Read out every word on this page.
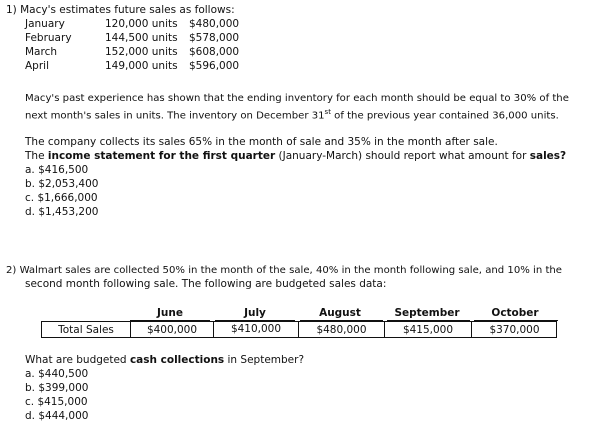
1) Macy's estimates future sales as follows:
January	120,000 units $480,000
February	144,500 units $578,000
March	152,000 units $608,000
April	149,000 units $596,000
Macy's past experience has shown that the ending inventory for each month should be equal to 30% of the
next month's sales in units. The inventory on December 31st of the previous year contained 36,000 units.
The company collects its sales 65% in the month of sale and 35% in the month after sale.
The income statement for the first quarter (January-March) should report what amount for sales?
a. $416,500
b. $2,053,400
c. $1,666,000
d. $1,453,200
2) Walmart sales are collected 50% in the month of the sale, 40% in the month following sale, and 10% in the
second month following sale. The following are budgeted sales data:
June	July	August	September	October
Total Sales	$400,000	$410,000	$480,000	$415,000	$370,000
What are budgeted cash collections in September?
a. $440,500
b. $399,000
c. $415,000
d. $444,000
